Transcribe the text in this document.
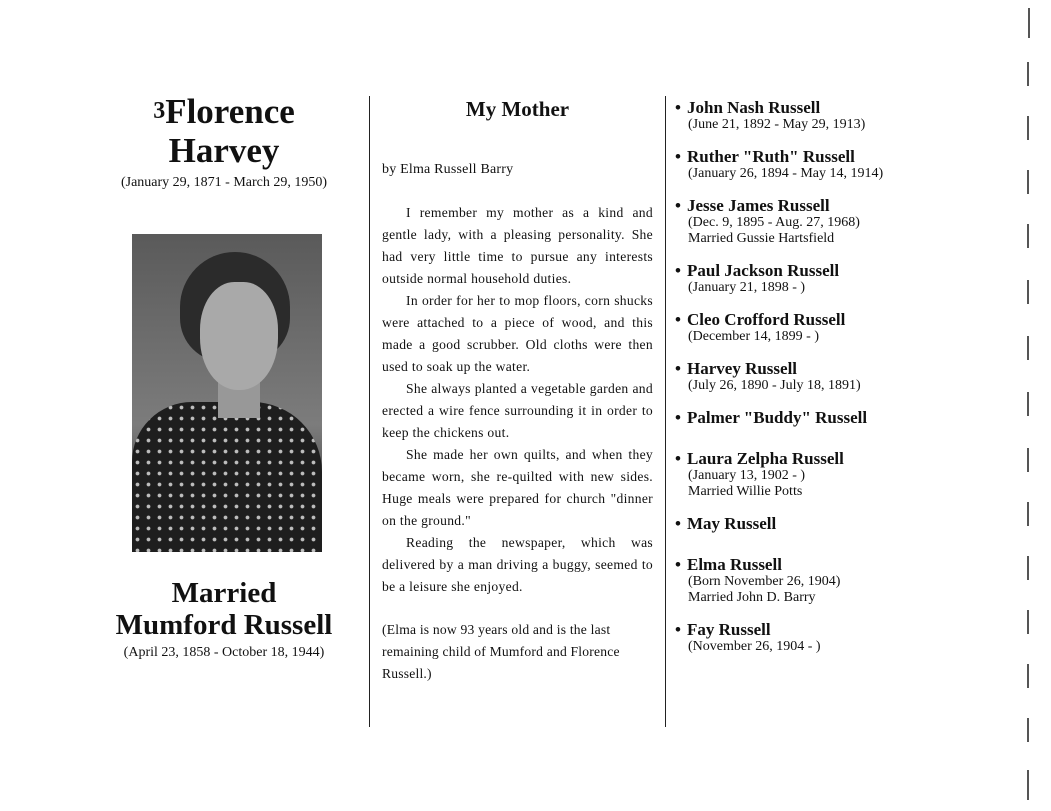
$^3$Florence
Harvey
(January 29, 1871 - March 29, 1950)
Married
Mumford Russell
(April 23, 1858 - October 18, 1944)
My Mother
by Elma Russell Barry

I remember my mother as a kind and gentle lady, with a pleasing personality. She had very little time to pursue any interests outside normal household duties.

In order for her to mop floors, corn shucks were attached to a piece of wood, and this made a good scrubber. Old cloths were then used to soak up the water.

She always planted a vegetable garden and erected a wire fence surrounding it in order to keep the chickens out.

She made her own quilts, and when they became worn, she re-quilted with new sides. Huge meals were prepared for church "dinner on the ground."

Reading the newspaper, which was delivered by a man driving a buggy, seemed to be a leisure she enjoyed.

(Elma is now 93 years old and is the last remaining child of Mumford and Florence Russell.)
• John Nash Russell
(June 21, 1892 - May 29, 1913)
• Ruther "Ruth" Russell
(January 26, 1894 - May 14, 1914)
• Jesse James Russell
(Dec. 9, 1895 - Aug. 27, 1968)
Married Gussie Hartsfield
• Paul Jackson Russell
(January 21, 1898 - )
• Cleo Crofford Russell
(December 14, 1899 - )
• Harvey Russell
(July 26, 1890 - July 18, 1891)
• Palmer "Buddy" Russell
• Laura Zelpha Russell
(January 13, 1902 - )
Married Willie Potts
• May Russell
• Elma Russell
(Born November 26, 1904)
Married John D. Barry
• Fay Russell
(November 26, 1904 - )
